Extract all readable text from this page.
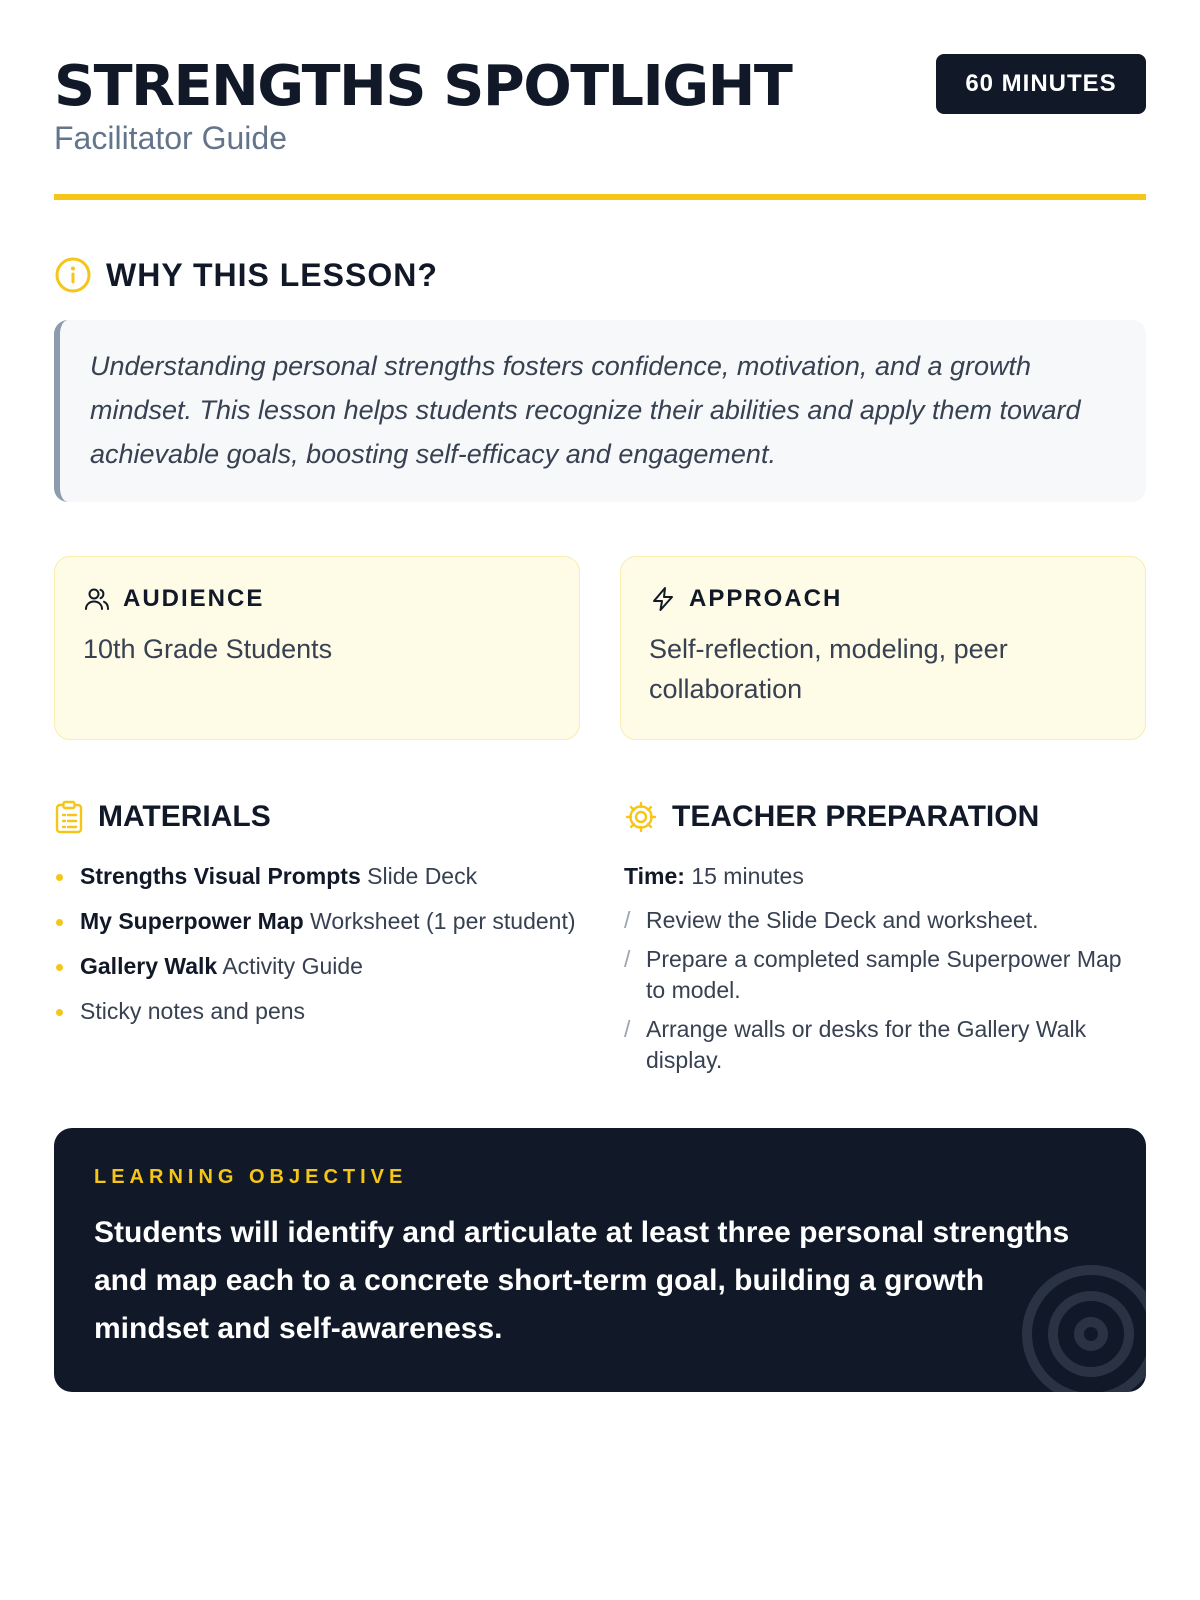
STRENGTHS SPOTLIGHT
Facilitator Guide
60 MINUTES
WHY THIS LESSON?
Understanding personal strengths fosters confidence, motivation, and a growth mindset. This lesson helps students recognize their abilities and apply them toward achievable goals, boosting self-efficacy and engagement.
AUDIENCE
10th Grade Students
APPROACH
Self-reflection, modeling, peer collaboration
MATERIALS
Strengths Visual Prompts Slide Deck
My Superpower Map Worksheet (1 per student)
Gallery Walk Activity Guide
Sticky notes and pens
TEACHER PREPARATION
Time: 15 minutes
/ Review the Slide Deck and worksheet.
/ Prepare a completed sample Superpower Map to model.
/ Arrange walls or desks for the Gallery Walk display.
LEARNING OBJECTIVE
Students will identify and articulate at least three personal strengths and map each to a concrete short-term goal, building a growth mindset and self-awareness.
